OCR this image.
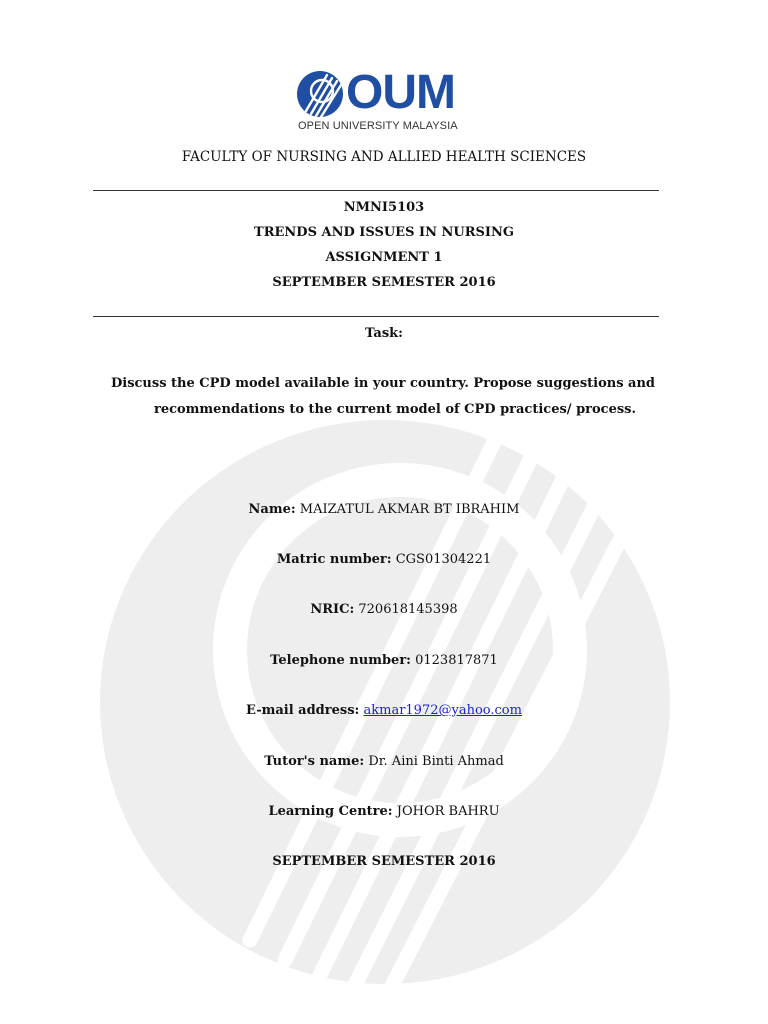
OUM
OPEN UNIVERSITY MALAYSIA
FACULTY OF NURSING AND ALLIED HEALTH SCIENCES
NMNI5103
TRENDS AND ISSUES IN NURSING
ASSIGNMENT 1
SEPTEMBER SEMESTER 2016
Task:
Discuss the CPD model available in your country. Propose suggestions and
recommendations to the current model of CPD practices/ process.
Name: MAIZATUL AKMAR BT IBRAHIM
Matric number: CGS01304221
NRIC: 720618145398
Telephone number: 0123817871
E-mail address: akmar1972@yahoo.com
Tutor's name: Dr. Aini Binti Ahmad
Learning Centre: JOHOR BAHRU
SEPTEMBER SEMESTER 2016
